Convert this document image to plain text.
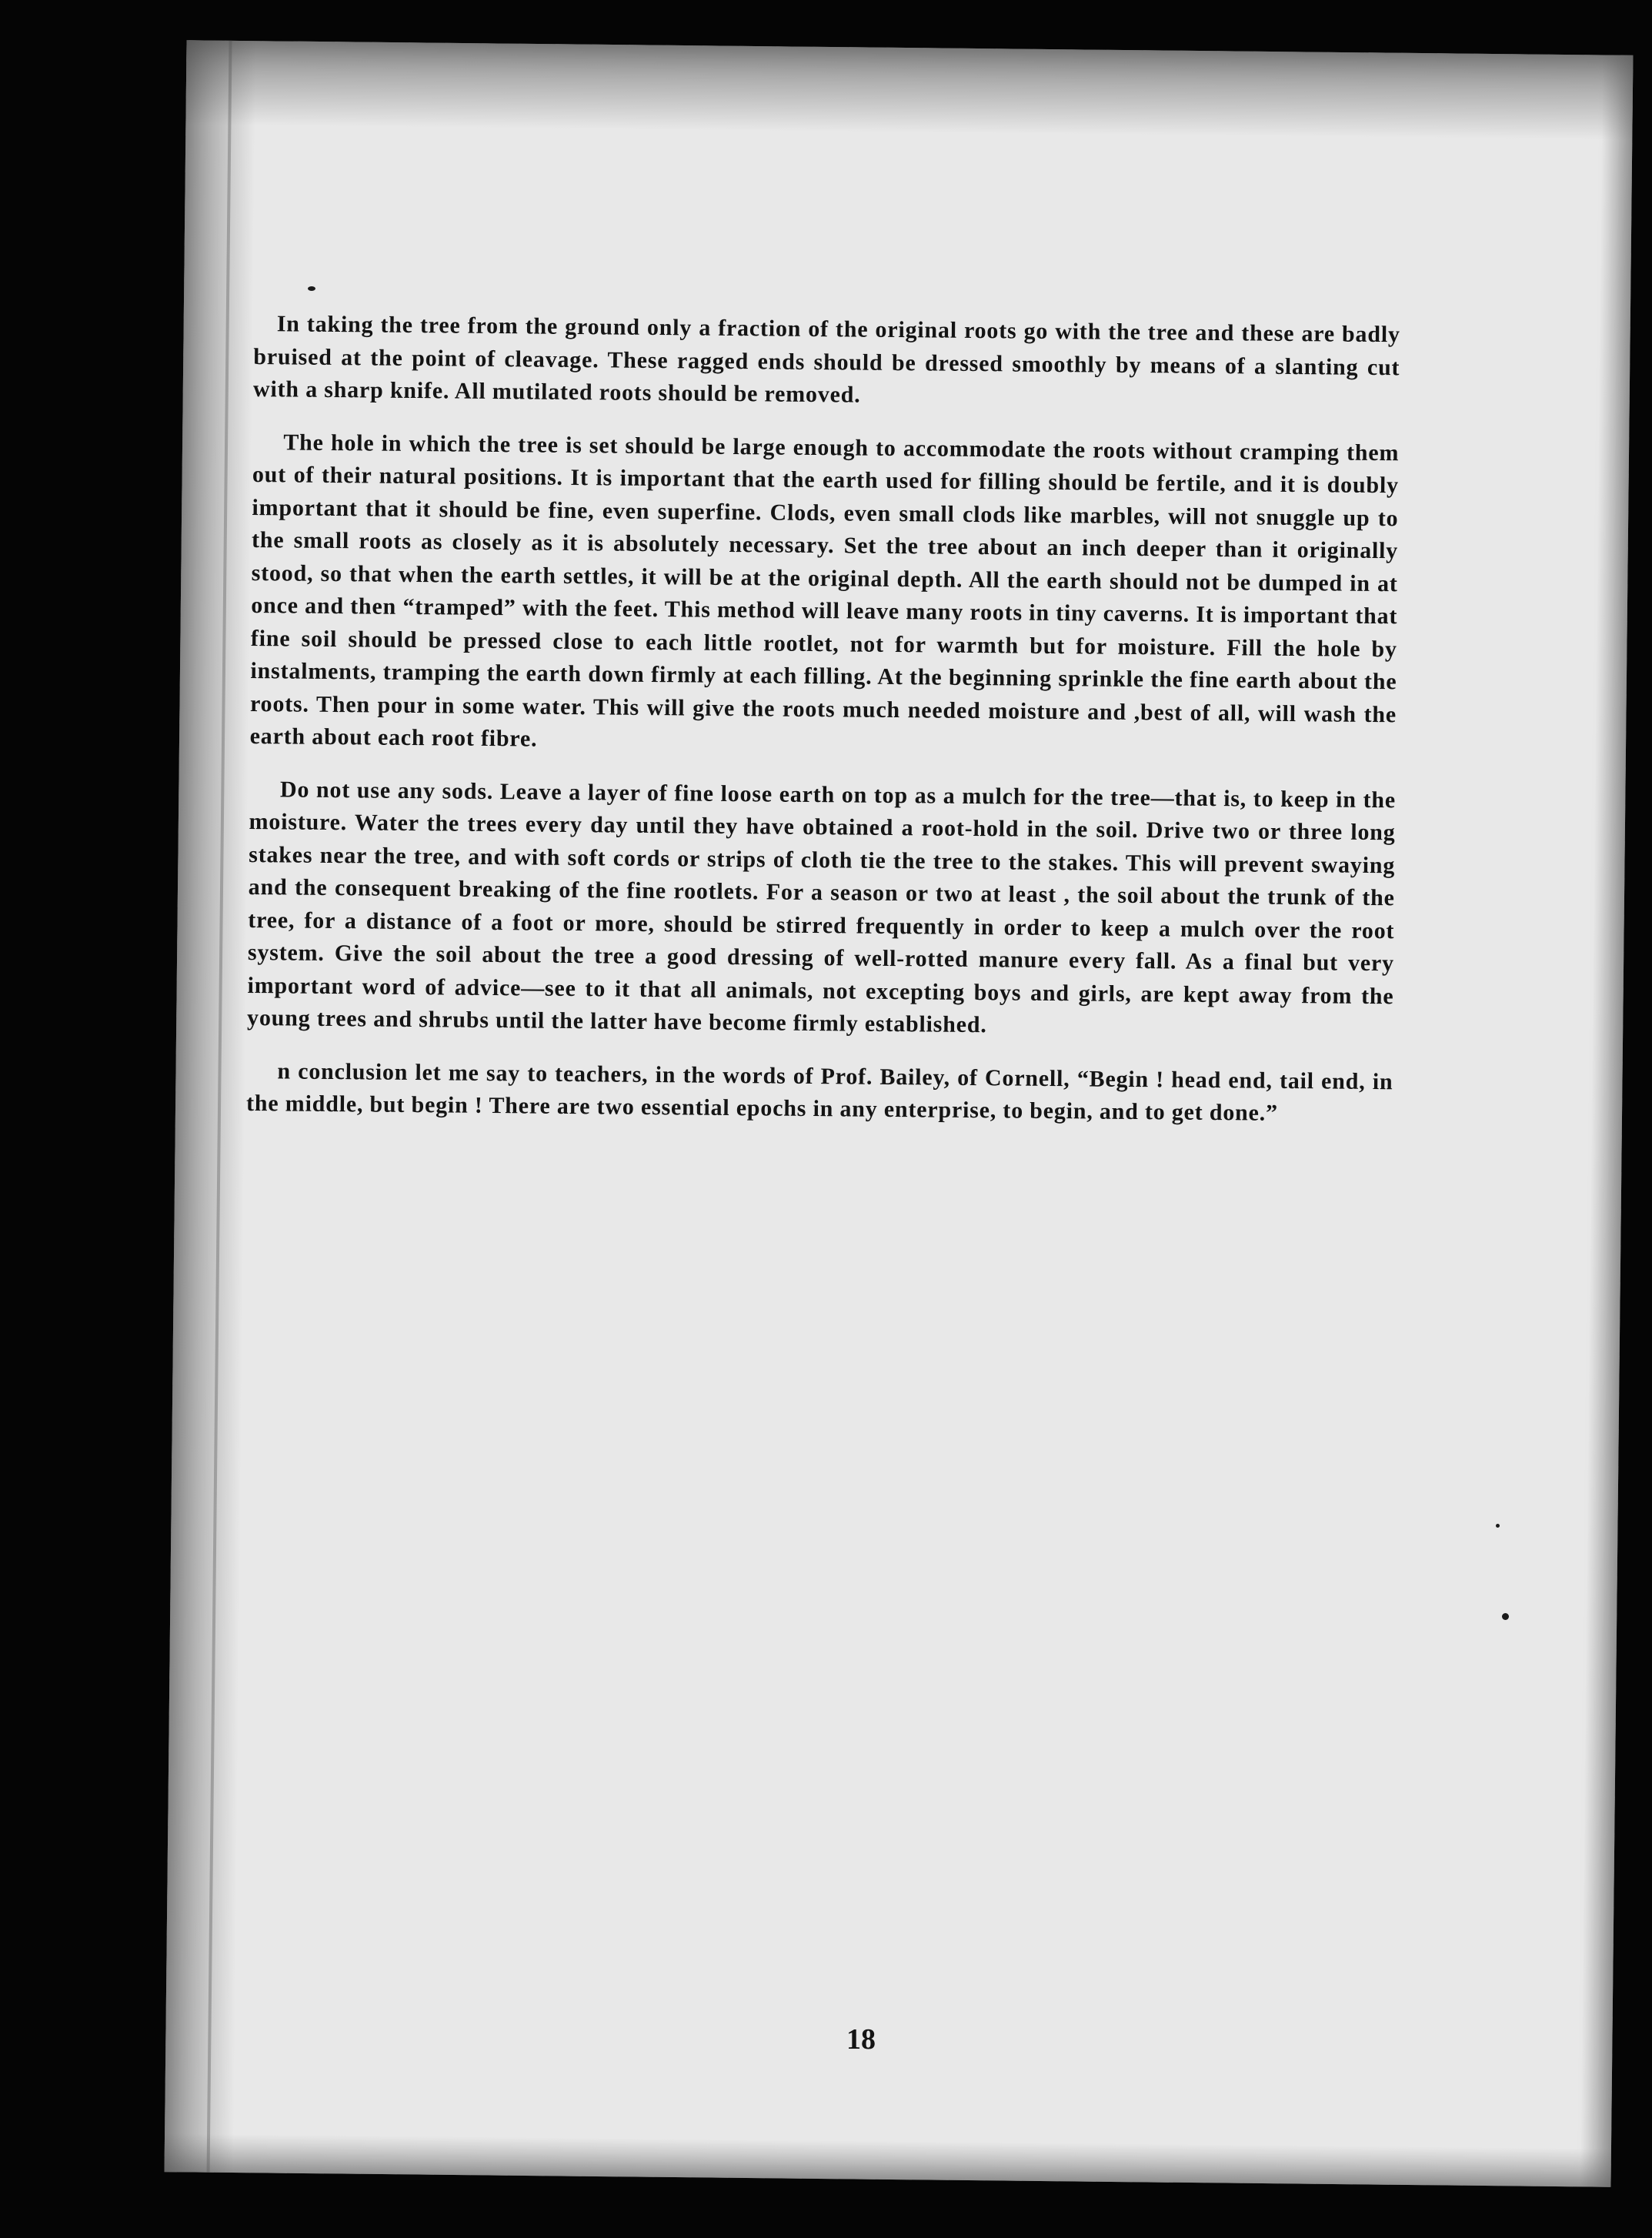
In taking the tree from the ground only a fraction of the original roots go with the tree and these are badly bruised at the point of cleavage. These ragged ends should be dressed smoothly by means of a slanting cut with a sharp knife. All mutilated roots should be removed.

The hole in which the tree is set should be large enough to accommodate the roots without cramping them out of their natural positions. It is important that the earth used for filling should be fertile, and it is doubly important that it should be fine, even superfine. Clods, even small clods like marbles, will not snuggle up to the small roots as closely as it is absolutely necessary. Set the tree about an inch deeper than it originally stood, so that when the earth settles, it will be at the original depth. All the earth should not be dumped in at once and then “tramped” with the feet. This method will leave many roots in tiny caverns. It is important that fine soil should be pressed close to each little rootlet, not for warmth but for moisture. Fill the hole by instalments, tramping the earth down firmly at each filling. At the beginning sprinkle the fine earth about the roots. Then pour in some water. This will give the roots much needed moisture and ,best of all, will wash the earth about each root fibre.

Do not use any sods. Leave a layer of fine loose earth on top as a mulch for the tree—that is, to keep in the moisture. Water the trees every day until they have obtained a root-hold in the soil. Drive two or three long stakes near the tree, and with soft cords or strips of cloth tie the tree to the stakes. This will prevent swaying and the consequent breaking of the fine rootlets. For a season or two at least , the soil about the trunk of the tree, for a distance of a foot or more, should be stirred frequently in order to keep a mulch over the root system. Give the soil about the tree a good dressing of well-rotted manure every fall. As a final but very important word of advice—see to it that all animals, not excepting boys and girls, are kept away from the young trees and shrubs until the latter have become firmly established.

n conclusion let me say to teachers, in the words of Prof. Bailey, of Cornell, “Begin ! head end, tail end, in the middle, but begin ! There are two essential epochs in any enterprise, to begin, and to get done.”

18
